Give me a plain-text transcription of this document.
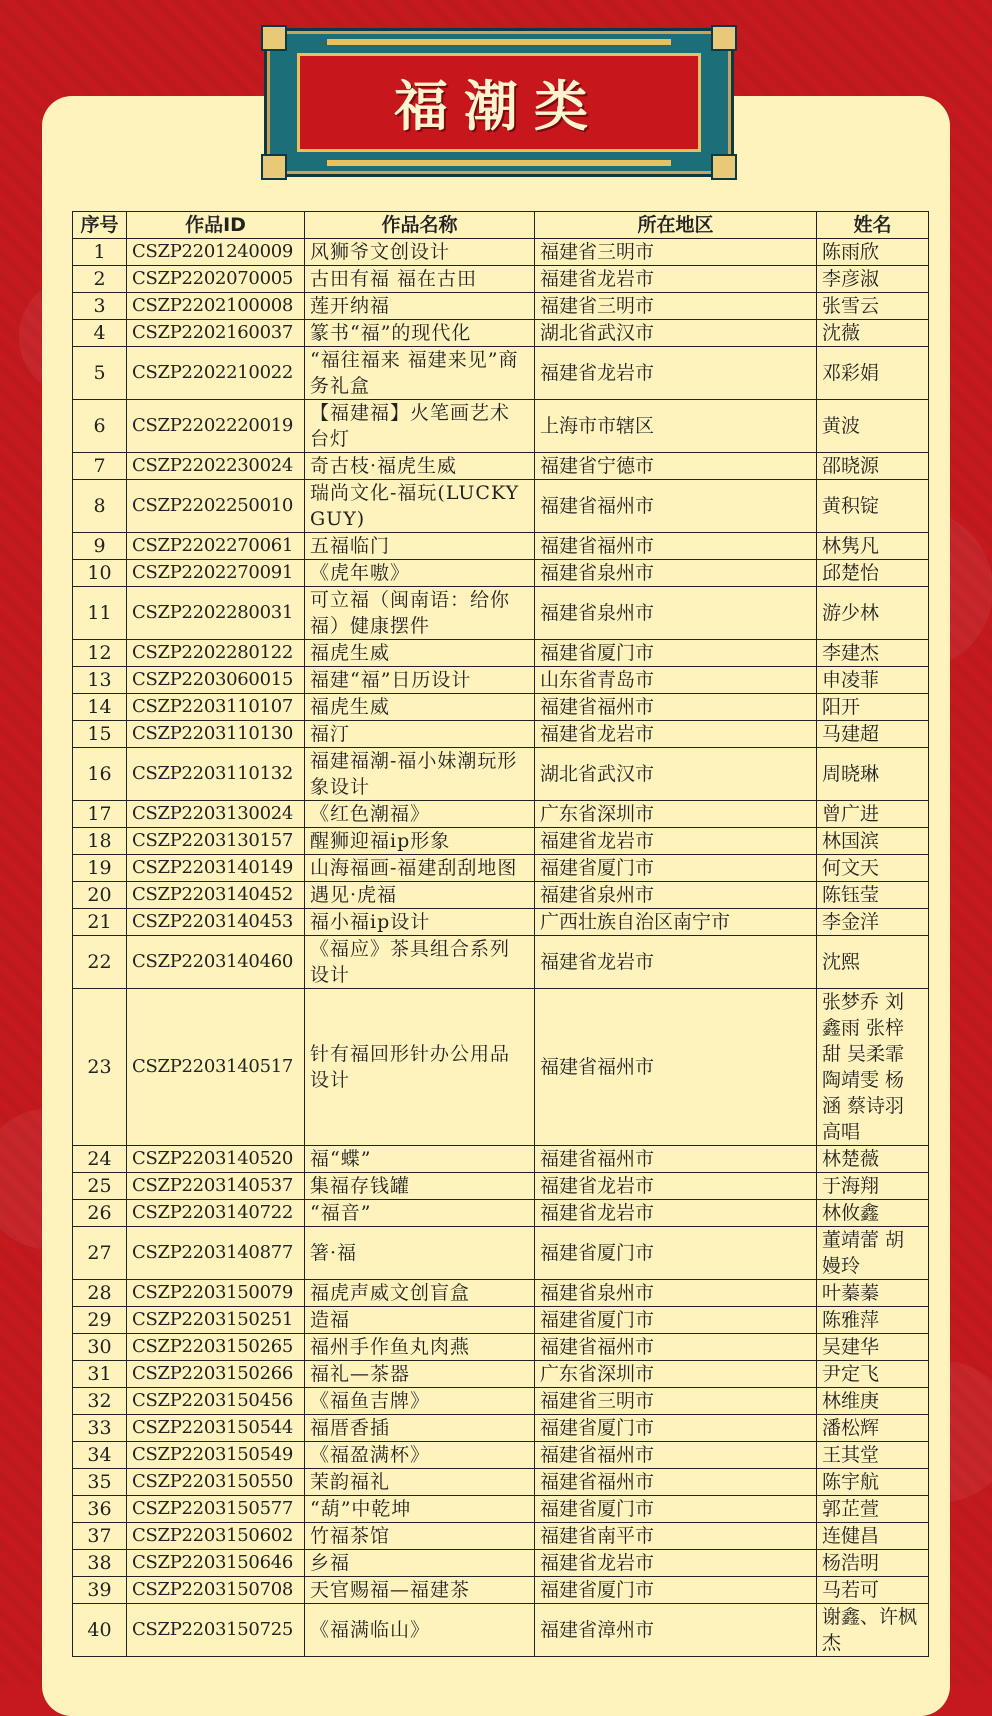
福潮类
序号	作品ID	作品名称	所在地区	姓名
1	CSZP2201240009	风狮爷文创设计	福建省三明市	陈雨欣
2	CSZP2202070005	古田有福 福在古田	福建省龙岩市	李彦淑
3	CSZP2202100008	莲开纳福	福建省三明市	张雪云
4	CSZP2202160037	篆书“福”的现代化	湖北省武汉市	沈薇
5	CSZP2202210022	“福往福来 福建来见”商务礼盒	福建省龙岩市	邓彩娟
6	CSZP2202220019	【福建福】火笔画艺术台灯	上海市市辖区	黄波
7	CSZP2202230024	奇古枝·福虎生威	福建省宁德市	邵晓源
8	CSZP2202250010	瑞尚文化-福玩(LUCKY GUY)	福建省福州市	黄积锭
9	CSZP2202270061	五福临门	福建省福州市	林隽凡
10	CSZP2202270091	《虎年嗷》	福建省泉州市	邱楚怡
11	CSZP2202280031	可立福（闽南语：给你福）健康摆件	福建省泉州市	游少林
12	CSZP2202280122	福虎生威	福建省厦门市	李建杰
13	CSZP2203060015	福建“福”日历设计	山东省青岛市	申凌菲
14	CSZP2203110107	福虎生威	福建省福州市	阳开
15	CSZP2203110130	福汀	福建省龙岩市	马建超
16	CSZP2203110132	福建福潮-福小妹潮玩形象设计	湖北省武汉市	周晓琳
17	CSZP2203130024	《红色潮福》	广东省深圳市	曾广进
18	CSZP2203130157	醒狮迎福ip形象	福建省龙岩市	林国滨
19	CSZP2203140149	山海福画-福建刮刮地图	福建省厦门市	何文天
20	CSZP2203140452	遇见·虎福	福建省泉州市	陈钰莹
21	CSZP2203140453	福小福ip设计	广西壮族自治区南宁市	李金洋
22	CSZP2203140460	《福应》茶具组合系列设计	福建省龙岩市	沈熙
23	CSZP2203140517	针有福回形针办公用品设计	福建省福州市	张梦乔 刘鑫雨 张梓甜 吴柔霏 陶靖雯 杨涵 蔡诗羽 高唱
24	CSZP2203140520	福“蝶”	福建省福州市	林楚薇
25	CSZP2203140537	集福存钱罐	福建省龙岩市	于海翔
26	CSZP2203140722	“福音”	福建省龙岩市	林攸鑫
27	CSZP2203140877	箸·福	福建省厦门市	董靖蕾 胡嫚玲
28	CSZP2203150079	福虎声威文创盲盒	福建省泉州市	叶蓁蓁
29	CSZP2203150251	造福	福建省厦门市	陈雅萍
30	CSZP2203150265	福州手作鱼丸肉燕	福建省福州市	吴建华
31	CSZP2203150266	福礼—茶器	广东省深圳市	尹定飞
32	CSZP2203150456	《福鱼吉牌》	福建省三明市	林维庚
33	CSZP2203150544	福厝香插	福建省厦门市	潘松辉
34	CSZP2203150549	《福盈满杯》	福建省福州市	王其堂
35	CSZP2203150550	茉韵福礼	福建省福州市	陈宇航
36	CSZP2203150577	“葫”中乾坤	福建省厦门市	郭芷萱
37	CSZP2203150602	竹福茶馆	福建省南平市	连健昌
38	CSZP2203150646	乡福	福建省龙岩市	杨浩明
39	CSZP2203150708	天官赐福—福建茶	福建省厦门市	马若可
40	CSZP2203150725	《福满临山》	福建省漳州市	谢鑫、许枫杰
